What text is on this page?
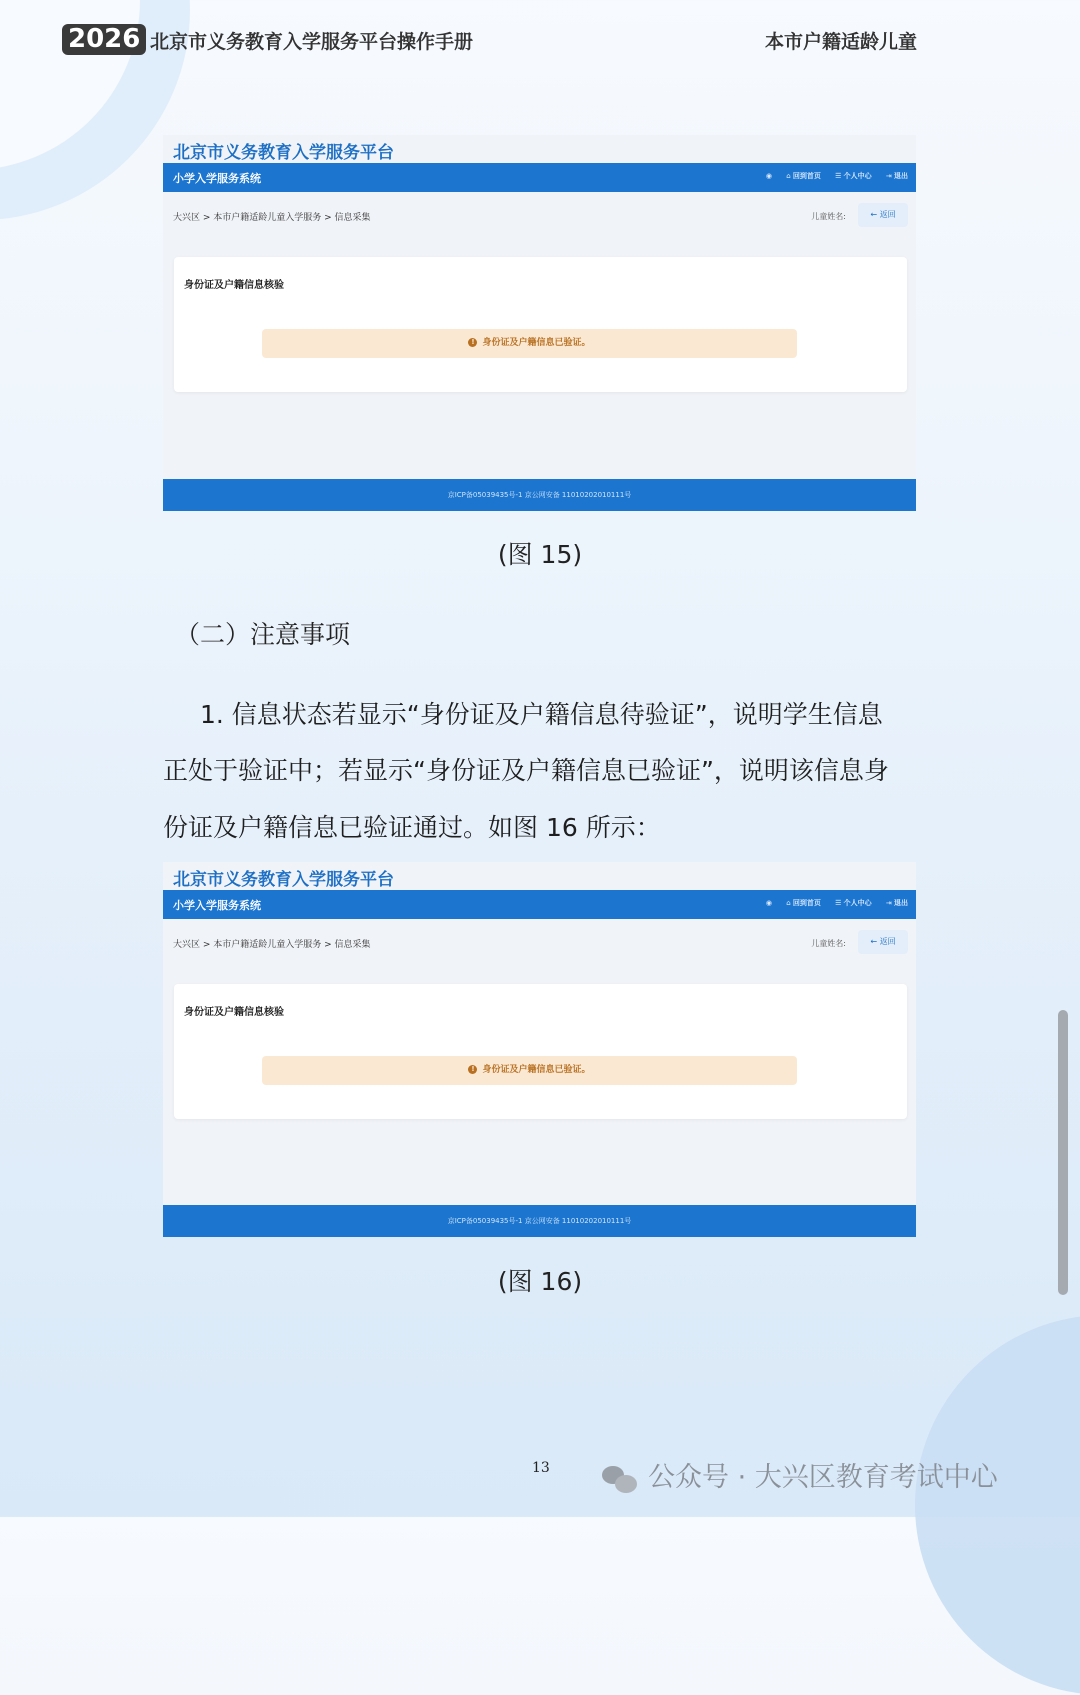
2026 北京市义务教育入学服务平台操作手册	本市户籍适龄儿童
北京市义务教育入学服务平台
小学入学服务系统	◉ ⌂ 回到首页 ☰ 个人中心 ⇥ 退出
大兴区 > 本市户籍适龄儿童入学服务 > 信息采集	儿童姓名:	← 返回
身份证及户籍信息核验
! 身份证及户籍信息已验证。
京ICP备05039435号-1 京公网安备 11010202010111号
(图 15)
（二）注意事项
1. 信息状态若显示“身份证及户籍信息待验证”，说明学生信息
正处于验证中；若显示“身份证及户籍信息已验证”，说明该信息身
份证及户籍信息已验证通过。如图 16 所示：
北京市义务教育入学服务平台
小学入学服务系统	◉ ⌂ 回到首页 ☰ 个人中心 ⇥ 退出
大兴区 > 本市户籍适龄儿童入学服务 > 信息采集	儿童姓名:	← 返回
身份证及户籍信息核验
! 身份证及户籍信息已验证。
京ICP备05039435号-1 京公网安备 11010202010111号
(图 16)
13	公众号 · 大兴区教育考试中心
